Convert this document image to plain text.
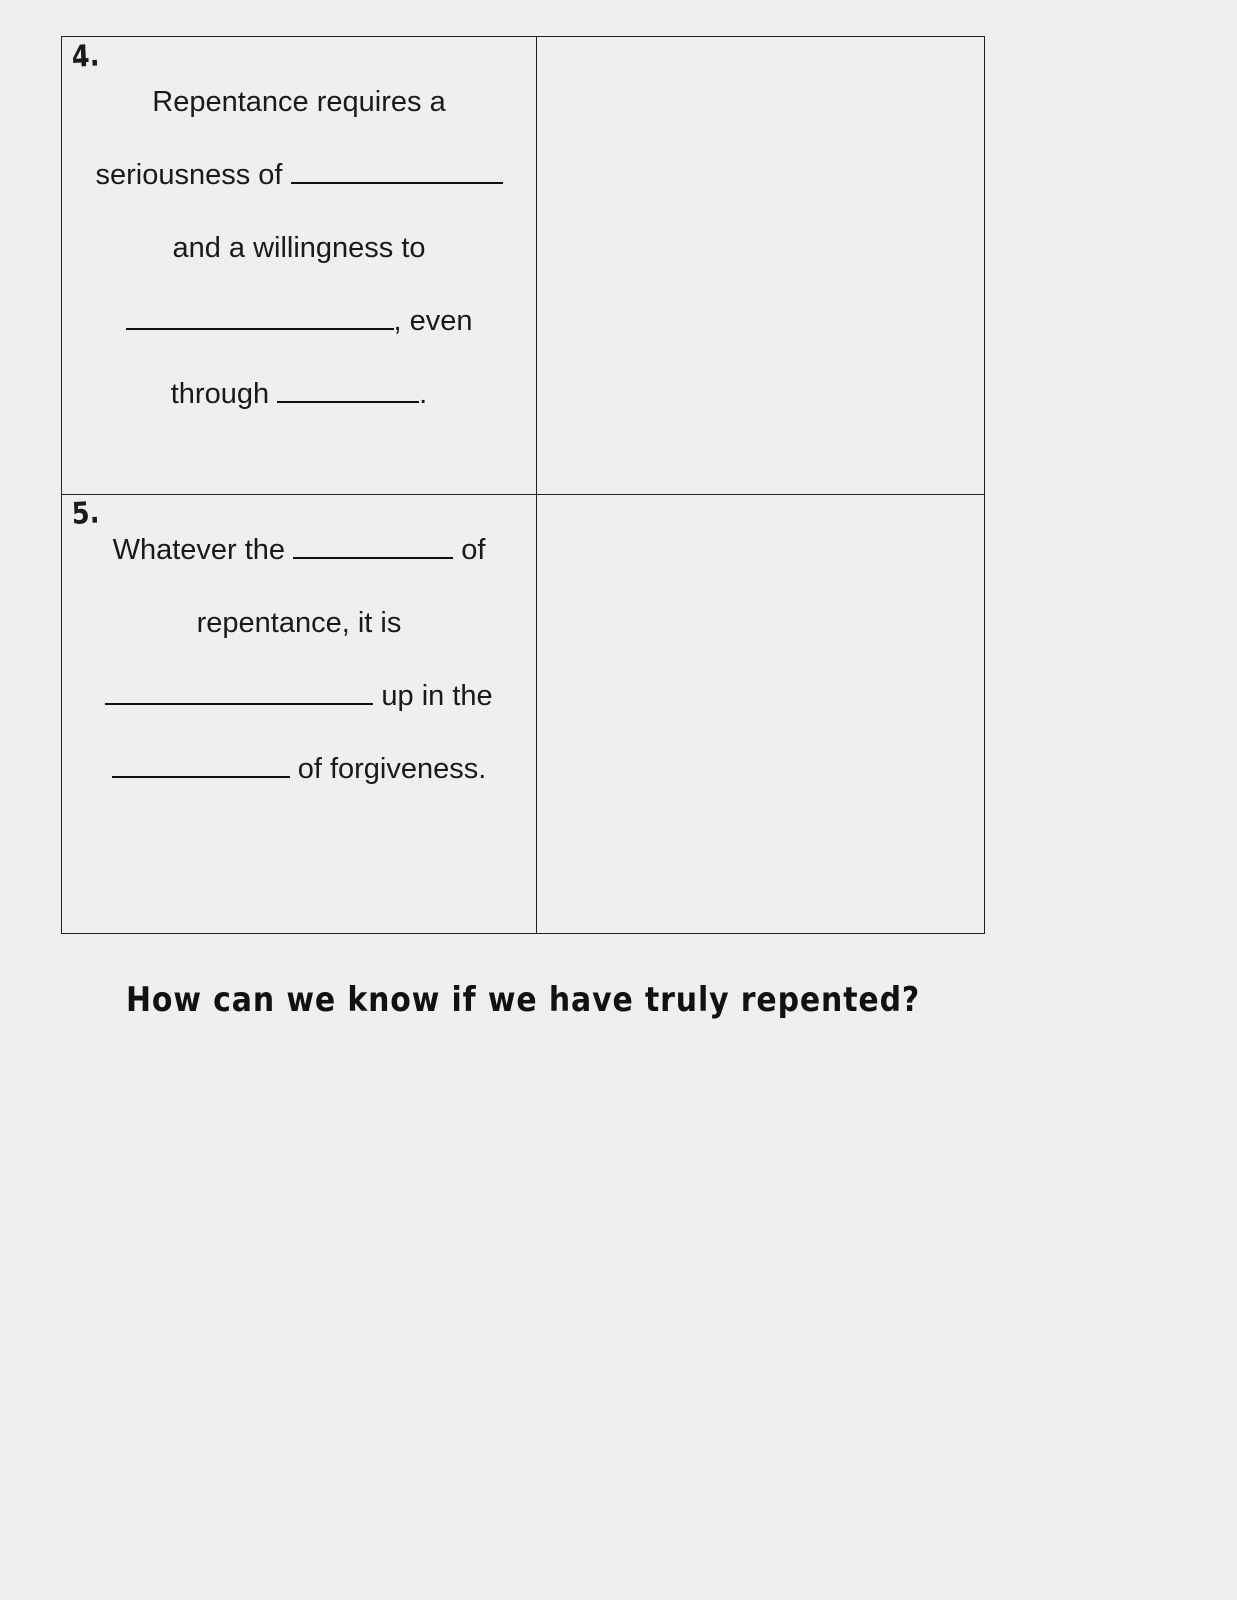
4.
Repentance requires a
seriousness of
and a willingness to
, even
through	.
5.
Whatever the	of
repentance, it is
up in the
of forgiveness.
How can we know if we have truly repented?
